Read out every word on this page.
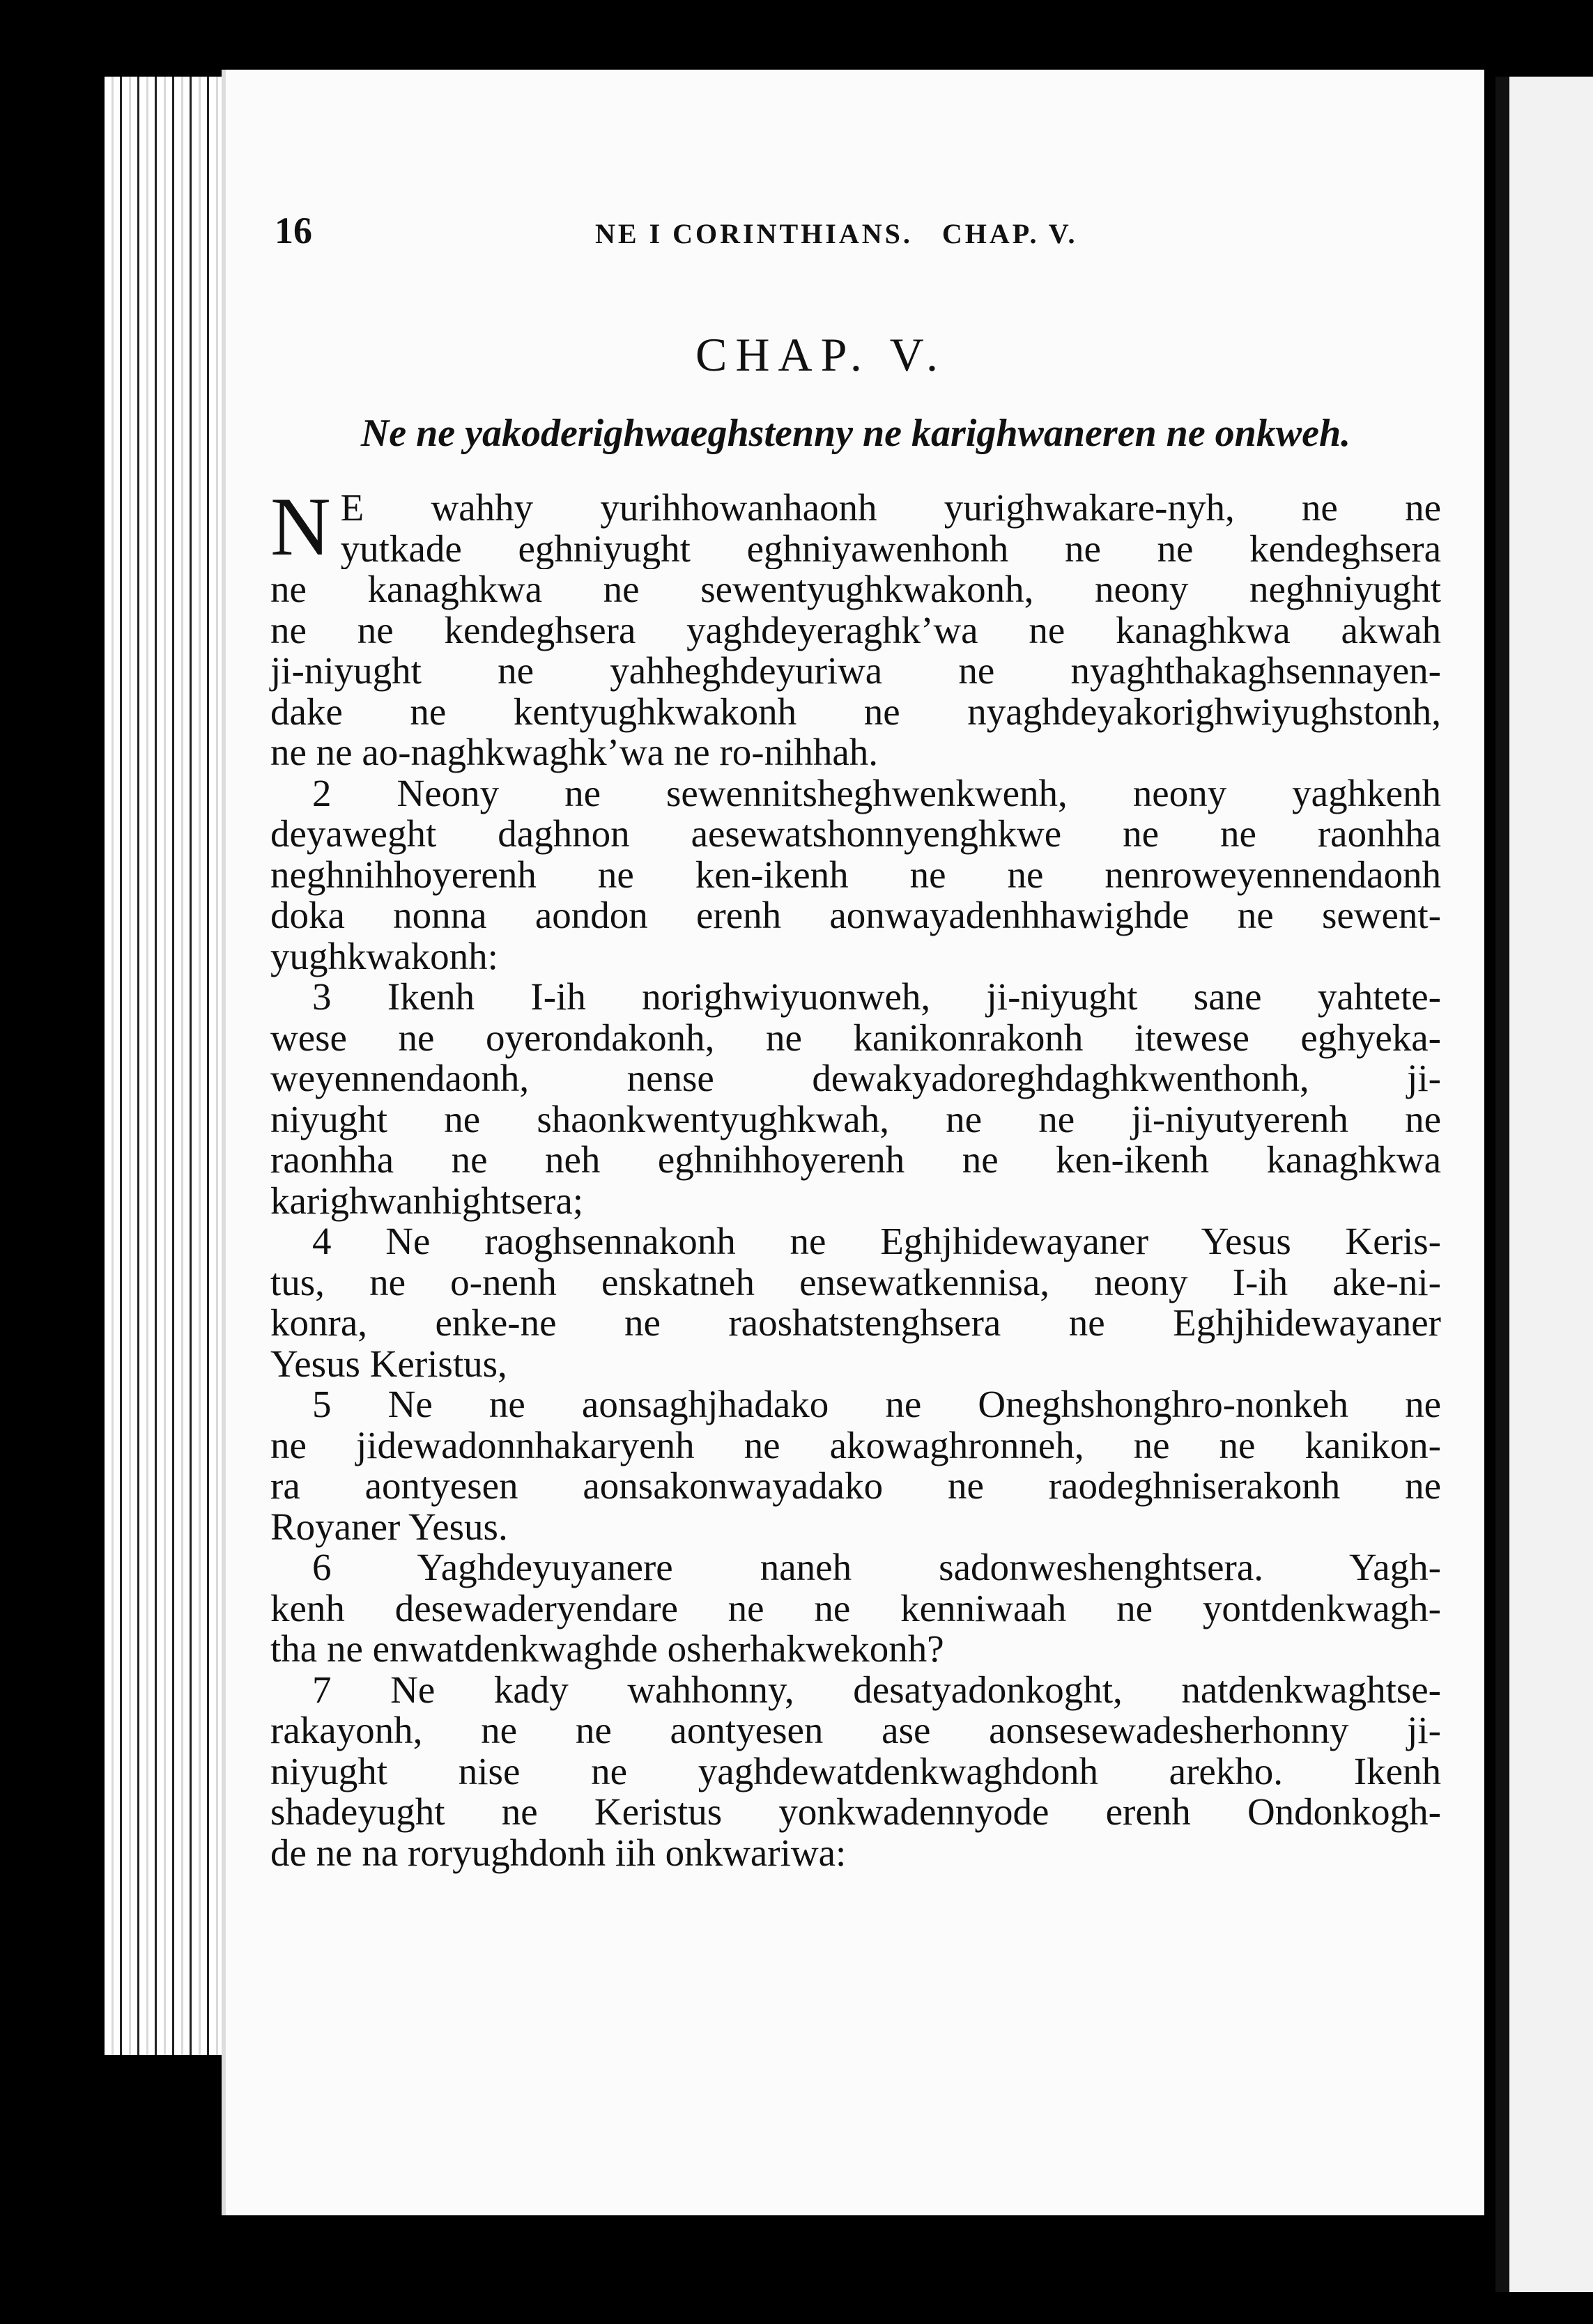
16	NE I CORINTHIANS.   CHAP. V.
CHAP. V.
Ne ne yakoderighwaeghstenny ne karighwaneren ne onkweh.
N E wahhy yurihhowanhaonh yurighwakare-nyh, ne ne
yutkade eghniyught eghniyawenhonh ne ne kendeghsera
ne kanaghkwa ne sewentyughkwakonh, neony neghniyught
ne ne kendeghsera yaghdeyeraghk’wa ne kanaghkwa akwah
ji-niyught ne yahheghdeyuriwa ne nyaghthakaghsennayen-
dake ne kentyughkwakonh ne nyaghdeyakorighwiyughstonh,
ne ne ao-naghkwaghk’wa ne ro-nihhah.
2 Neony ne sewennitsheghwenkwenh, neony yaghkenh
deyaweght daghnon aesewatshonnyenghkwe ne ne raonhha
neghnihhoyerenh ne ken-ikenh ne ne nenroweyennendaonh
doka nonna aondon erenh aonwayadenhhawighde ne sewent-
yughkwakonh:
3 Ikenh I-ih norighwiyuonweh, ji-niyught sane yahtete-
wese ne oyerondakonh, ne kanikonrakonh itewese eghyeka-
weyennendaonh, nense dewakyadoreghdaghkwenthonh, ji-
niyught ne shaonkwentyughkwah, ne ne ji-niyutyerenh ne
raonhha ne neh eghnihhoyerenh ne ken-ikenh kanaghkwa
karighwanhightsera;
4 Ne raoghsennakonh ne Eghjhidewayaner Yesus Keris-
tus, ne o-nenh enskatneh ensewatkennisa, neony I-ih ake-ni-
konra, enke-ne ne raoshatstenghsera ne Eghjhidewayaner
Yesus Keristus,
5 Ne ne aonsaghjhadako ne Oneghshonghro-nonkeh ne
ne jidewadonnhakaryenh ne akowaghronneh, ne ne kanikon-
ra aontyesen aonsakonwayadako ne raodeghniserakonh ne
Royaner Yesus.
6 Yaghdeyuyanere naneh sadonweshenghtsera. Yagh-
kenh desewaderyendare ne ne kenniwaah ne yontdenkwagh-
tha ne enwatdenkwaghde osherhakwekonh?
7 Ne kady wahhonny, desatyadonkoght, natdenkwaghtse-
rakayonh, ne ne aontyesen ase aonsesewadesherhonny ji-
niyught nise ne yaghdewatdenkwaghdonh arekho. Ikenh
shadeyught ne Keristus yonkwadennyode erenh Ondonkogh-
de ne na roryughdonh iih onkwariwa:
